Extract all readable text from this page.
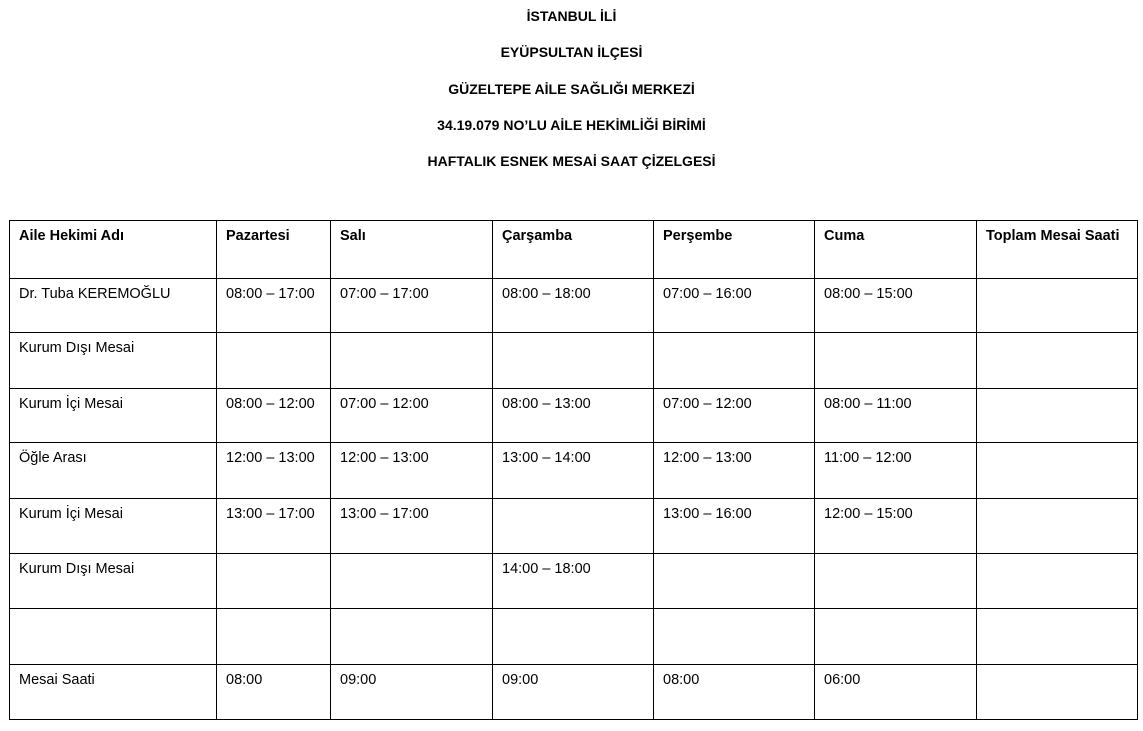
İSTANBUL İLİ
EYÜPSULTAN İLÇESİ
GÜZELTEPE AİLE SAĞLIĞI MERKEZİ
34.19.079 NO’LU AİLE HEKİMLİĞİ BİRİMİ
HAFTALIK ESNEK MESAİ SAAT ÇİZELGESİ
Aile Hekimi Adı	Pazartesi	Salı	Çarşamba	Perşembe	Cuma	Toplam Mesai Saati
Dr. Tuba KEREMOĞLU	08:00 – 17:00	07:00 – 17:00	08:00 – 18:00	07:00 – 16:00	08:00 – 15:00	
Kurum Dışı Mesai						
Kurum İçi Mesai	08:00 – 12:00	07:00 – 12:00	08:00 – 13:00	07:00 – 12:00	08:00 – 11:00	
Öğle Arası	12:00 – 13:00	12:00 – 13:00	13:00 – 14:00	12:00 – 13:00	11:00 – 12:00	
Kurum İçi Mesai	13:00 – 17:00	13:00 – 17:00		13:00 – 16:00	12:00 – 15:00	
Kurum Dışı Mesai			14:00 – 18:00			

Mesai Saati	08:00	09:00	09:00	08:00	06:00	
